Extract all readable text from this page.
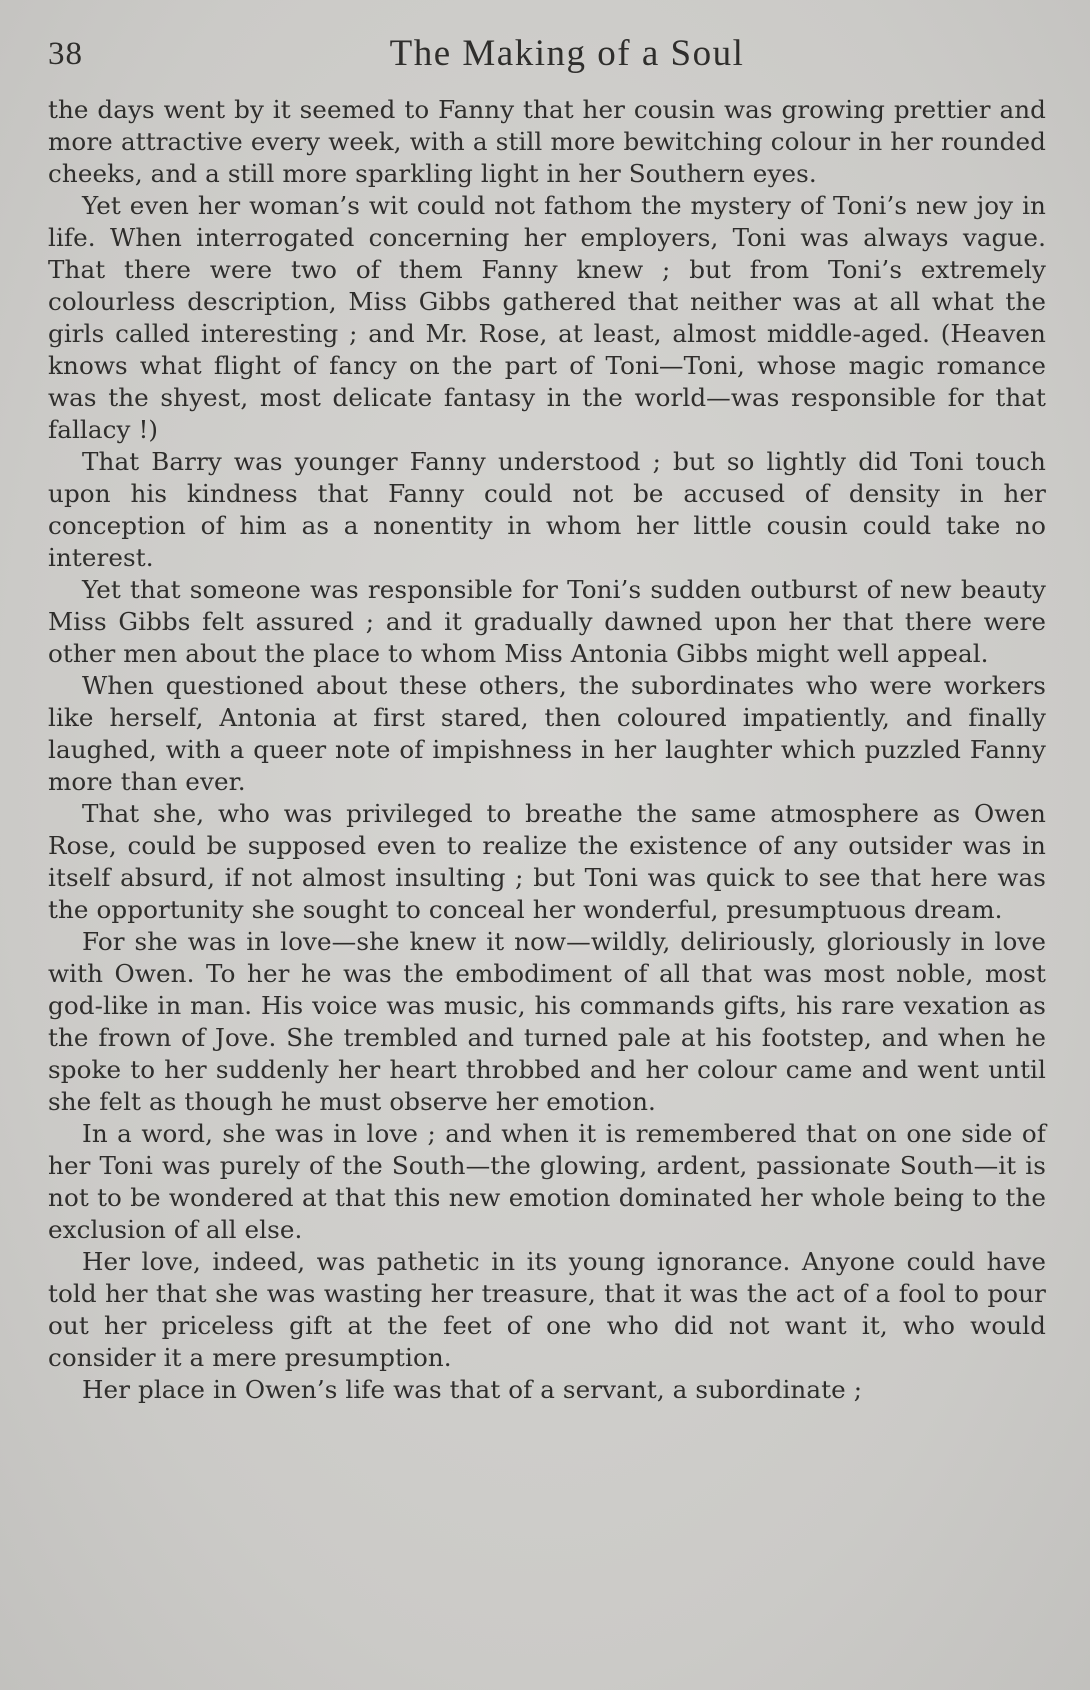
38	The Making of a Soul

the days went by it seemed to Fanny that her cousin was growing prettier and more attractive every week, with a still more bewitching colour in her rounded cheeks, and a still more sparkling light in her Southern eyes.

Yet even her woman’s wit could not fathom the mystery of Toni’s new joy in life. When interrogated concerning her employers, Toni was always vague. That there were two of them Fanny knew ; but from Toni’s extremely colourless description, Miss Gibbs gathered that neither was at all what the girls called interesting ; and Mr. Rose, at least, almost middle-aged. (Heaven knows what flight of fancy on the part of Toni—Toni, whose magic romance was the shyest, most delicate fantasy in the world—was responsible for that fallacy !)

That Barry was younger Fanny understood ; but so lightly did Toni touch upon his kindness that Fanny could not be accused of density in her conception of him as a nonentity in whom her little cousin could take no interest.

Yet that someone was responsible for Toni’s sudden outburst of new beauty Miss Gibbs felt assured ; and it gradually dawned upon her that there were other men about the place to whom Miss Antonia Gibbs might well appeal.

When questioned about these others, the subordinates who were workers like herself, Antonia at first stared, then coloured impatiently, and finally laughed, with a queer note of impishness in her laughter which puzzled Fanny more than ever.

That she, who was privileged to breathe the same atmosphere as Owen Rose, could be supposed even to realize the existence of any outsider was in itself absurd, if not almost insulting ; but Toni was quick to see that here was the opportunity she sought to conceal her wonderful, presumptuous dream.

For she was in love—she knew it now—wildly, deliriously, gloriously in love with Owen. To her he was the embodiment of all that was most noble, most god-like in man. His voice was music, his commands gifts, his rare vexation as the frown of Jove. She trembled and turned pale at his footstep, and when he spoke to her suddenly her heart throbbed and her colour came and went until she felt as though he must observe her emotion.

In a word, she was in love ; and when it is remembered that on one side of her Toni was purely of the South—the glowing, ardent, passionate South—it is not to be wondered at that this new emotion dominated her whole being to the exclusion of all else.

Her love, indeed, was pathetic in its young ignorance. Anyone could have told her that she was wasting her treasure, that it was the act of a fool to pour out her priceless gift at the feet of one who did not want it, who would consider it a mere presumption.

Her place in Owen’s life was that of a servant, a subordinate ;
